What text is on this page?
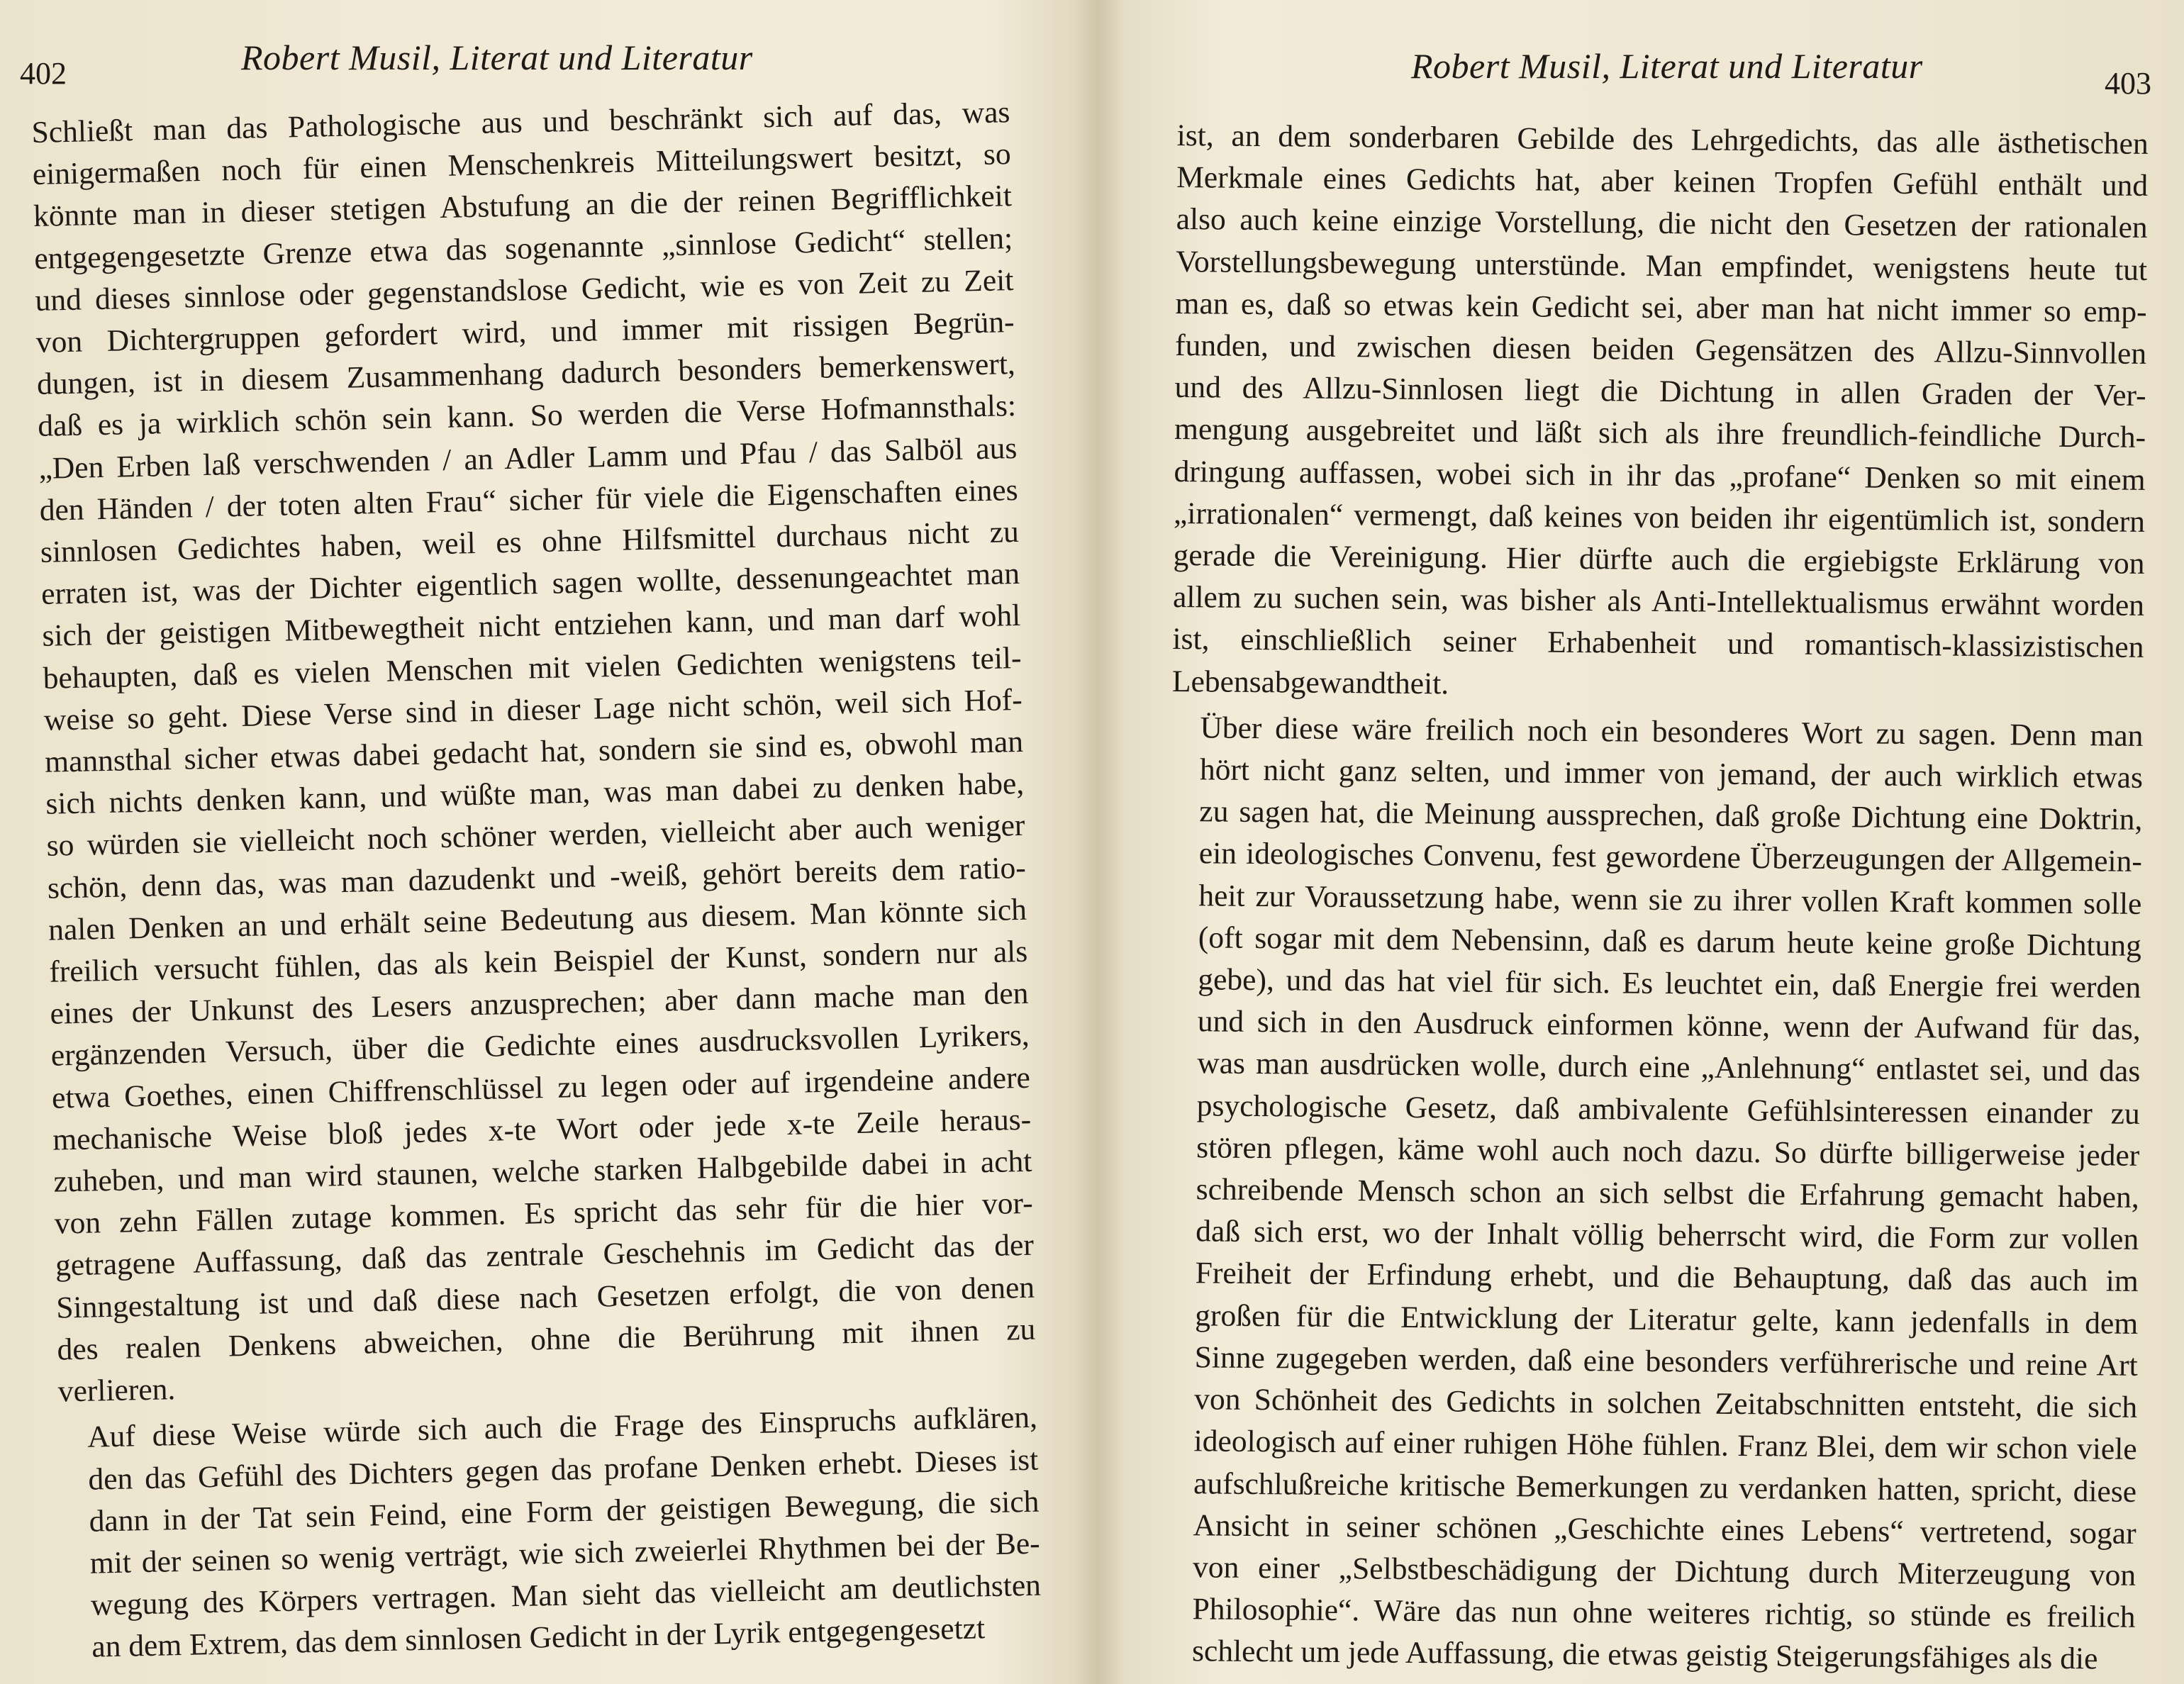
402	Robert Musil, Literat und Literatur

Schließt man das Pathologische aus und beschränkt sich auf das, was
einigermaßen noch für einen Menschenkreis Mitteilungswert besitzt, so
könnte man in dieser stetigen Abstufung an die der reinen Begrifflichkeit
entgegengesetzte Grenze etwa das sogenannte „sinnlose Gedicht“ stellen;
und dieses sinnlose oder gegenstandslose Gedicht, wie es von Zeit zu Zeit
von Dichtergruppen gefordert wird, und immer mit rissigen Begrün-
dungen, ist in diesem Zusammenhang dadurch besonders bemerkenswert,
daß es ja wirklich schön sein kann. So werden die Verse Hofmannsthals:
„Den Erben laß verschwenden / an Adler Lamm und Pfau / das Salböl aus
den Händen / der toten alten Frau“ sicher für viele die Eigenschaften eines
sinnlosen Gedichtes haben, weil es ohne Hilfsmittel durchaus nicht zu
erraten ist, was der Dichter eigentlich sagen wollte, dessenungeachtet man
sich der geistigen Mitbewegtheit nicht entziehen kann, und man darf wohl
behaupten, daß es vielen Menschen mit vielen Gedichten wenigstens teil-
weise so geht. Diese Verse sind in dieser Lage nicht schön, weil sich Hof-
mannsthal sicher etwas dabei gedacht hat, sondern sie sind es, obwohl man
sich nichts denken kann, und wüßte man, was man dabei zu denken habe,
so würden sie vielleicht noch schöner werden, vielleicht aber auch weniger
schön, denn das, was man dazudenkt und -weiß, gehört bereits dem ratio-
nalen Denken an und erhält seine Bedeutung aus diesem. Man könnte sich
freilich versucht fühlen, das als kein Beispiel der Kunst, sondern nur als
eines der Unkunst des Lesers anzusprechen; aber dann mache man den
ergänzenden Versuch, über die Gedichte eines ausdrucksvollen Lyrikers,
etwa Goethes, einen Chiffrenschlüssel zu legen oder auf irgendeine andere
mechanische Weise bloß jedes x-te Wort oder jede x-te Zeile heraus-
zuheben, und man wird staunen, welche starken Halbgebilde dabei in acht
von zehn Fällen zutage kommen. Es spricht das sehr für die hier vor-
getragene Auffassung, daß das zentrale Geschehnis im Gedicht das der
Sinngestaltung ist und daß diese nach Gesetzen erfolgt, die von denen
des realen Denkens abweichen, ohne die Berührung mit ihnen zu
verlieren.

Auf diese Weise würde sich auch die Frage des Einspruchs aufklären,
den das Gefühl des Dichters gegen das profane Denken erhebt. Dieses ist
dann in der Tat sein Feind, eine Form der geistigen Bewegung, die sich
mit der seinen so wenig verträgt, wie sich zweierlei Rhythmen bei der Be-
wegung des Körpers vertragen. Man sieht das vielleicht am deutlichsten
an dem Extrem, das dem sinnlosen Gedicht in der Lyrik entgegengesetzt

Robert Musil, Literat und Literatur	403

ist, an dem sonderbaren Gebilde des Lehrgedichts, das alle ästhetischen
Merkmale eines Gedichts hat, aber keinen Tropfen Gefühl enthält und
also auch keine einzige Vorstellung, die nicht den Gesetzen der rationalen
Vorstellungsbewegung unterstünde. Man empfindet, wenigstens heute tut
man es, daß so etwas kein Gedicht sei, aber man hat nicht immer so emp-
funden, und zwischen diesen beiden Gegensätzen des Allzu-Sinnvollen
und des Allzu-Sinnlosen liegt die Dichtung in allen Graden der Ver-
mengung ausgebreitet und läßt sich als ihre freundlich-feindliche Durch-
dringung auffassen, wobei sich in ihr das „profane“ Denken so mit einem
„irrationalen“ vermengt, daß keines von beiden ihr eigentümlich ist, sondern
gerade die Vereinigung. Hier dürfte auch die ergiebigste Erklärung von
allem zu suchen sein, was bisher als Anti-Intellektualismus erwähnt worden
ist, einschließlich seiner Erhabenheit und romantisch-klassizistischen
Lebensabgewandtheit.

Über diese wäre freilich noch ein besonderes Wort zu sagen. Denn man
hört nicht ganz selten, und immer von jemand, der auch wirklich etwas
zu sagen hat, die Meinung aussprechen, daß große Dichtung eine Doktrin,
ein ideologisches Convenu, fest gewordene Überzeugungen der Allgemein-
heit zur Voraussetzung habe, wenn sie zu ihrer vollen Kraft kommen solle
(oft sogar mit dem Nebensinn, daß es darum heute keine große Dichtung
gebe), und das hat viel für sich. Es leuchtet ein, daß Energie frei werden
und sich in den Ausdruck einformen könne, wenn der Aufwand für das,
was man ausdrücken wolle, durch eine „Anlehnung“ entlastet sei, und das
psychologische Gesetz, daß ambivalente Gefühlsinteressen einander zu
stören pflegen, käme wohl auch noch dazu. So dürfte billigerweise jeder
schreibende Mensch schon an sich selbst die Erfahrung gemacht haben,
daß sich erst, wo der Inhalt völlig beherrscht wird, die Form zur vollen
Freiheit der Erfindung erhebt, und die Behauptung, daß das auch im
großen für die Entwicklung der Literatur gelte, kann jedenfalls in dem
Sinne zugegeben werden, daß eine besonders verführerische und reine Art
von Schönheit des Gedichts in solchen Zeitabschnitten entsteht, die sich
ideologisch auf einer ruhigen Höhe fühlen. Franz Blei, dem wir schon viele
aufschlußreiche kritische Bemerkungen zu verdanken hatten, spricht, diese
Ansicht in seiner schönen „Geschichte eines Lebens“ vertretend, sogar
von einer „Selbstbeschädigung der Dichtung durch Miterzeugung von
Philosophie“. Wäre das nun ohne weiteres richtig, so stünde es freilich
schlecht um jede Auffassung, die etwas geistig Steigerungsfähiges als die
